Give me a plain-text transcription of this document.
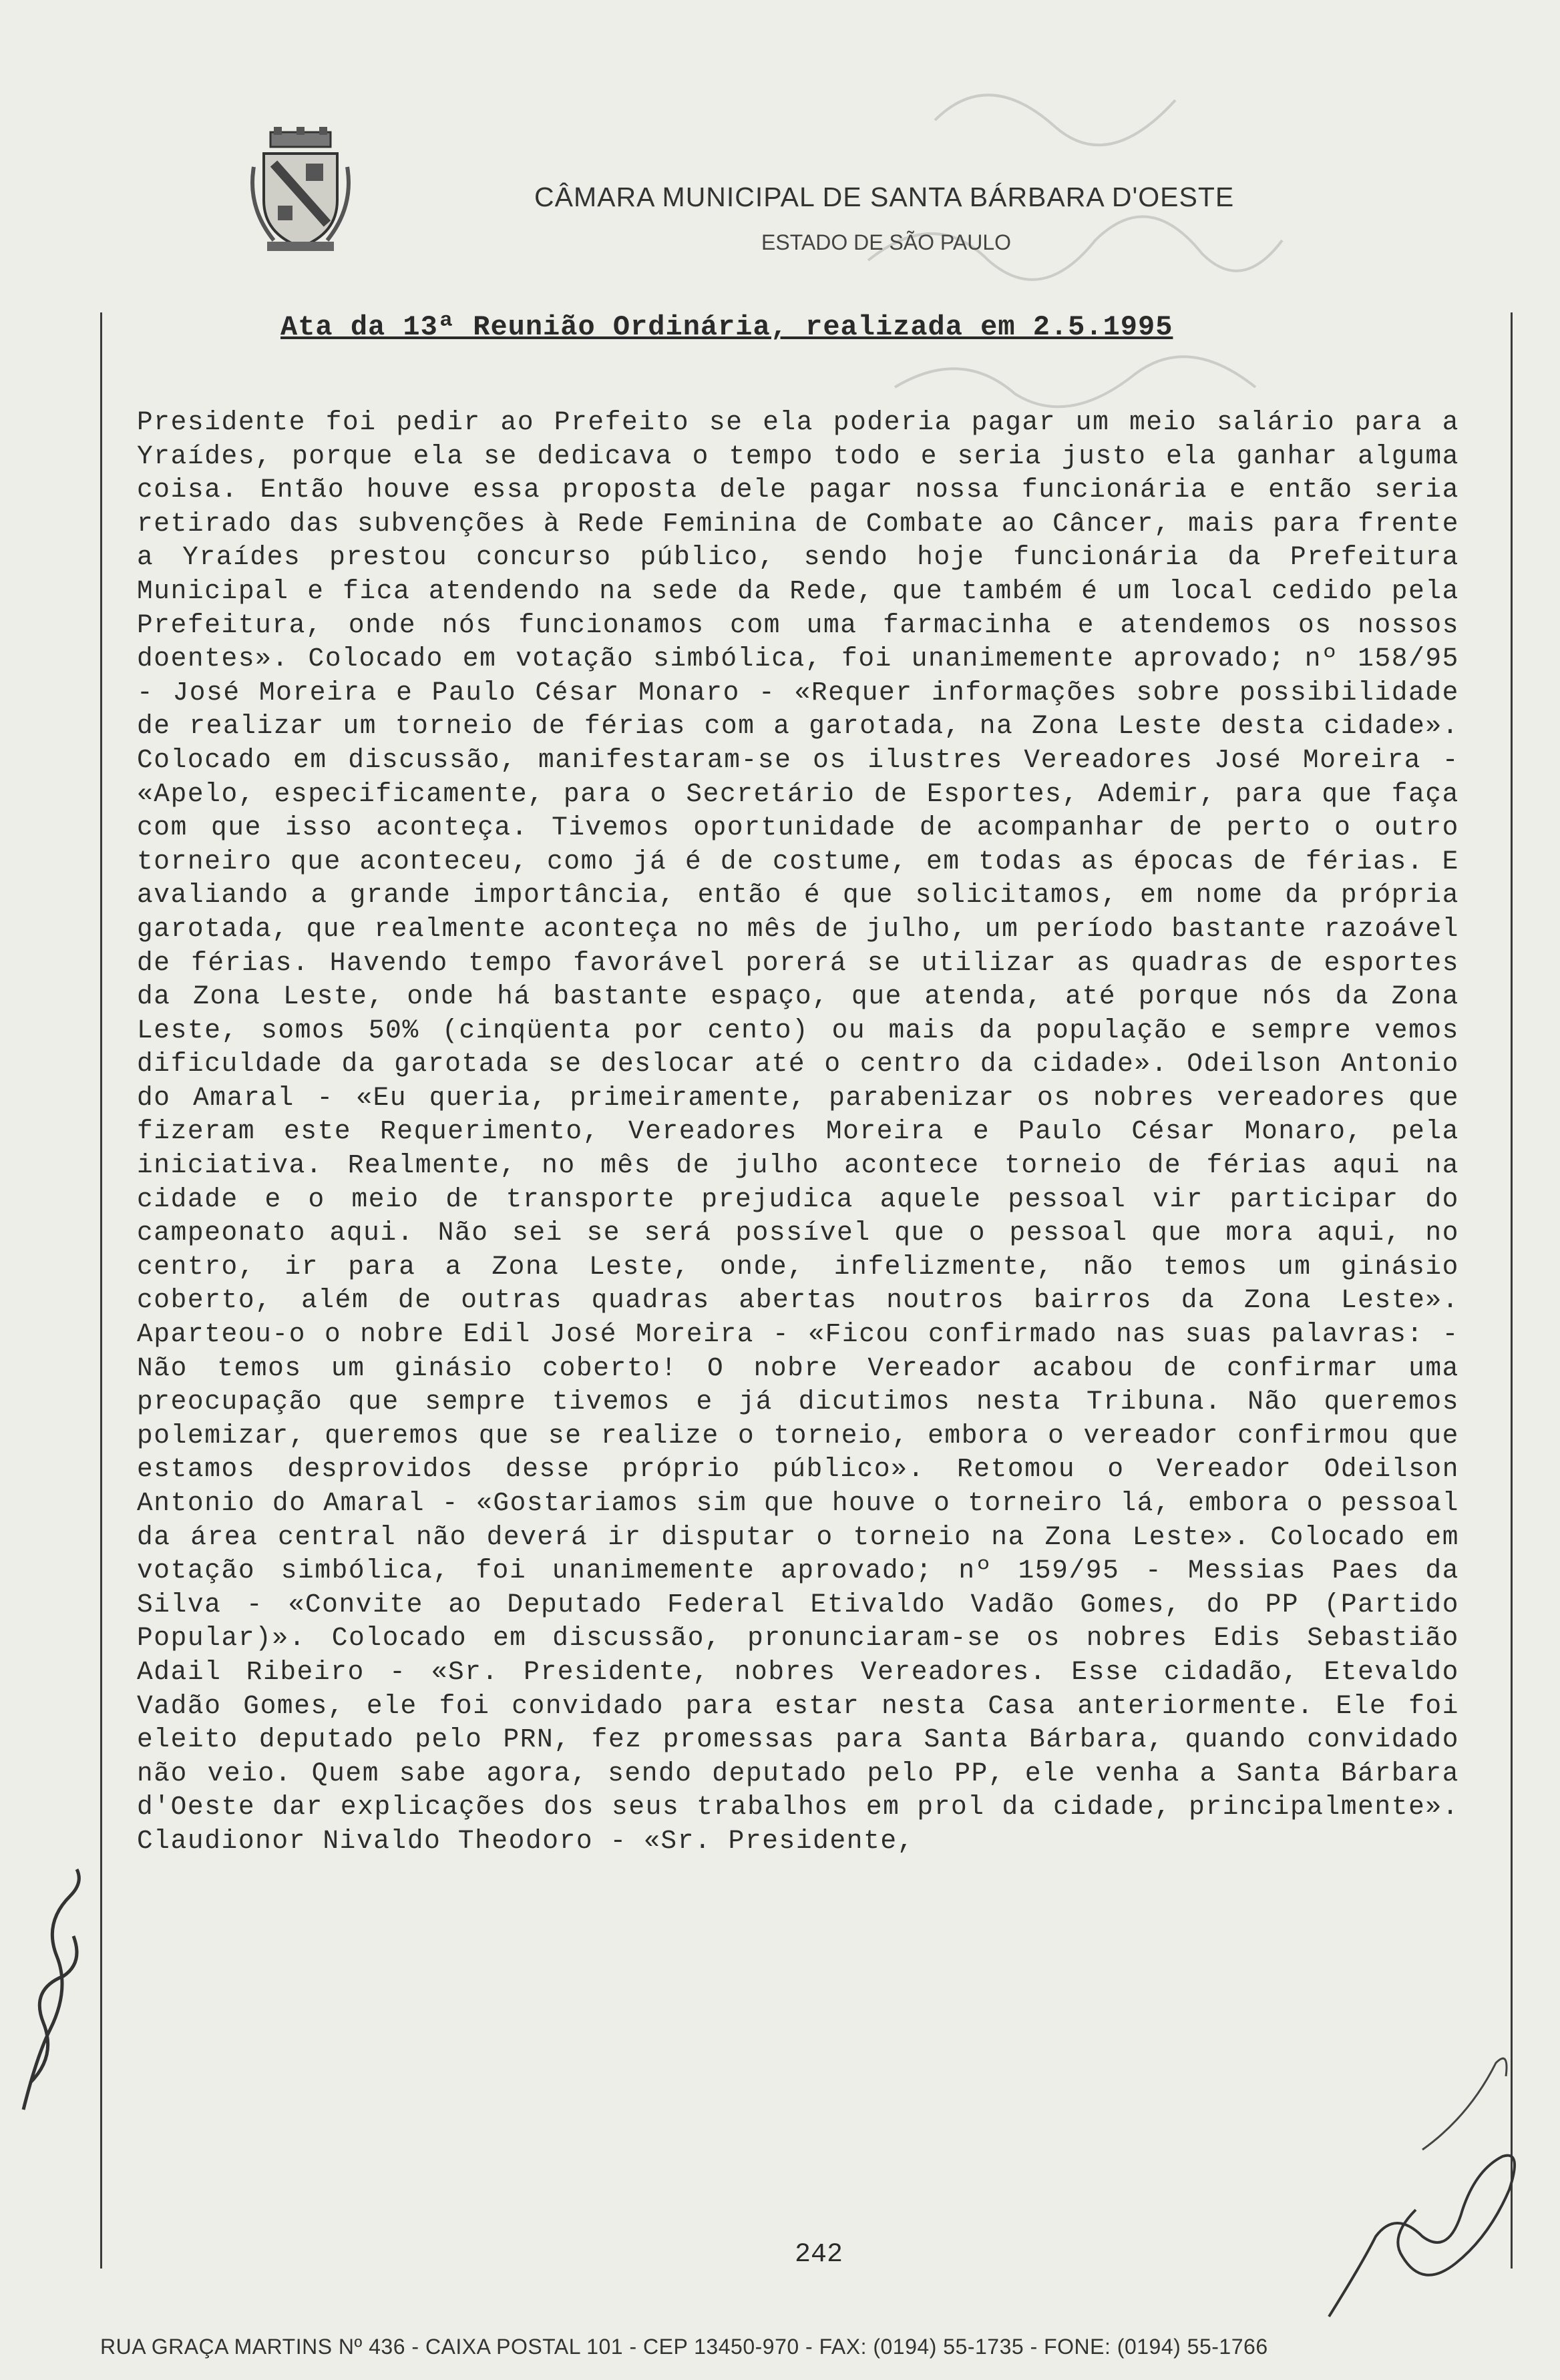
CÂMARA MUNICIPAL DE SANTA BÁRBARA D'OESTE
ESTADO DE SÃO PAULO
Ata da 13ª Reunião Ordinária, realizada em 2.5.1995

Presidente foi pedir ao Prefeito se ela poderia pagar um meio salário para a Yraídes, porque ela se dedicava o tempo todo e seria justo ela ganhar alguma coisa. Então houve essa proposta dele pagar nossa funcionária e então seria retirado das subvenções à Rede Feminina de Combate ao Câncer, mais para frente a Yraídes prestou concurso público, sendo hoje funcionária da Prefeitura Municipal e fica atendendo na sede da Rede, que também é um local cedido pela Prefeitura, onde nós funcionamos com uma farmacinha e atendemos os nossos doentes». Colocado em votação simbólica, foi unanimemente aprovado; nº 158/95 - José Moreira e Paulo César Monaro - «Requer informações sobre possibilidade de realizar um torneio de férias com a garotada, na Zona Leste desta cidade». Colocado em discussão, manifestaram-se os ilustres Vereadores José Moreira - «Apelo, especificamente, para o Secretário de Esportes, Ademir, para que faça com que isso aconteça. Tivemos oportunidade de acompanhar de perto o outro torneiro que aconteceu, como já é de costume, em todas as épocas de férias. E avaliando a grande importância, então é que solicitamos, em nome da própria garotada, que realmente aconteça no mês de julho, um período bastante razoável de férias. Havendo tempo favorável porerá se utilizar as quadras de esportes da Zona Leste, onde há bastante espaço, que atenda, até porque nós da Zona Leste, somos 50% (cinqüenta por cento) ou mais da população e sempre vemos dificuldade da garotada se deslocar até o centro da cidade». Odeilson Antonio do Amaral - «Eu queria, primeiramente, parabenizar os nobres vereadores que fizeram este Requerimento, Vereadores Moreira e Paulo César Monaro, pela iniciativa. Realmente, no mês de julho acontece torneio de férias aqui na cidade e o meio de transporte prejudica aquele pessoal vir participar do campeonato aqui. Não sei se será possível que o pessoal que mora aqui, no centro, ir para a Zona Leste, onde, infelizmente, não temos um ginásio coberto, além de outras quadras abertas noutros bairros da Zona Leste». Aparteou-o o nobre Edil José Moreira - «Ficou confirmado nas suas palavras: - Não temos um ginásio coberto! O nobre Vereador acabou de confirmar uma preocupação que sempre tivemos e já dicutimos nesta Tribuna. Não queremos polemizar, queremos que se realize o torneio, embora o vereador confirmou que estamos desprovidos desse próprio público». Retomou o Vereador Odeilson Antonio do Amaral - «Gostariamos sim que houve o torneiro lá, embora o pessoal da área central não deverá ir disputar o torneio na Zona Leste». Colocado em votação simbólica, foi unanimemente aprovado; nº 159/95 - Messias Paes da Silva - «Convite ao Deputado Federal Etivaldo Vadão Gomes, do PP (Partido Popular)». Colocado em discussão, pronunciaram-se os nobres Edis Sebastião Adail Ribeiro - «Sr. Presidente, nobres Vereadores. Esse cidadão, Etevaldo Vadão Gomes, ele foi convidado para estar nesta Casa anteriormente. Ele foi eleito deputado pelo PRN, fez promessas para Santa Bárbara, quando convidado não veio. Quem sabe agora, sendo deputado pelo PP, ele venha a Santa Bárbara d'Oeste dar explicações dos seus trabalhos em prol da cidade, principalmente». Claudionor Nivaldo Theodoro - «Sr. Presidente,

242
RUA GRAÇA MARTINS Nº 436 - CAIXA POSTAL 101 - CEP 13450-970 - FAX: (0194) 55-1735 - FONE: (0194) 55-1766
